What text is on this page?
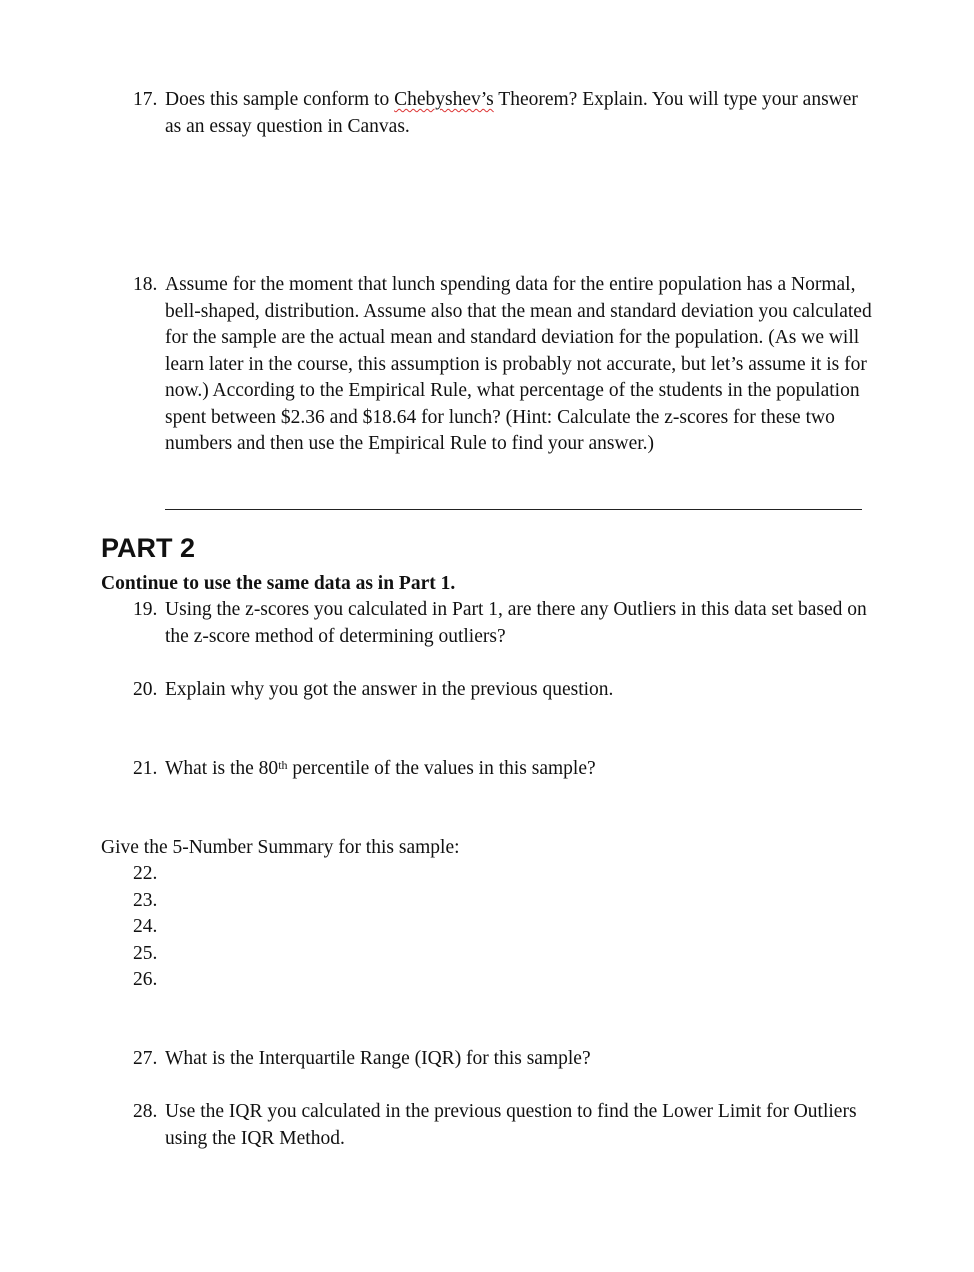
17. Does this sample conform to Chebyshev’s Theorem? Explain. You will type your answer as an essay question in Canvas.
18. Assume for the moment that lunch spending data for the entire population has a Normal, bell-shaped, distribution. Assume also that the mean and standard deviation you calculated for the sample are the actual mean and standard deviation for the population. (As we will learn later in the course, this assumption is probably not accurate, but let’s assume it is for now.) According to the Empirical Rule, what percentage of the students in the population spent between $2.36 and $18.64 for lunch? (Hint: Calculate the z-scores for these two numbers and then use the Empirical Rule to find your answer.)
PART 2
Continue to use the same data as in Part 1.
19. Using the z-scores you calculated in Part 1, are there any Outliers in this data set based on the z-score method of determining outliers?
20. Explain why you got the answer in the previous question.
21. What is the 80th percentile of the values in this sample?
Give the 5-Number Summary for this sample:
22.
23.
24.
25.
26.
27. What is the Interquartile Range (IQR) for this sample?
28. Use the IQR you calculated in the previous question to find the Lower Limit for Outliers using the IQR Method.
